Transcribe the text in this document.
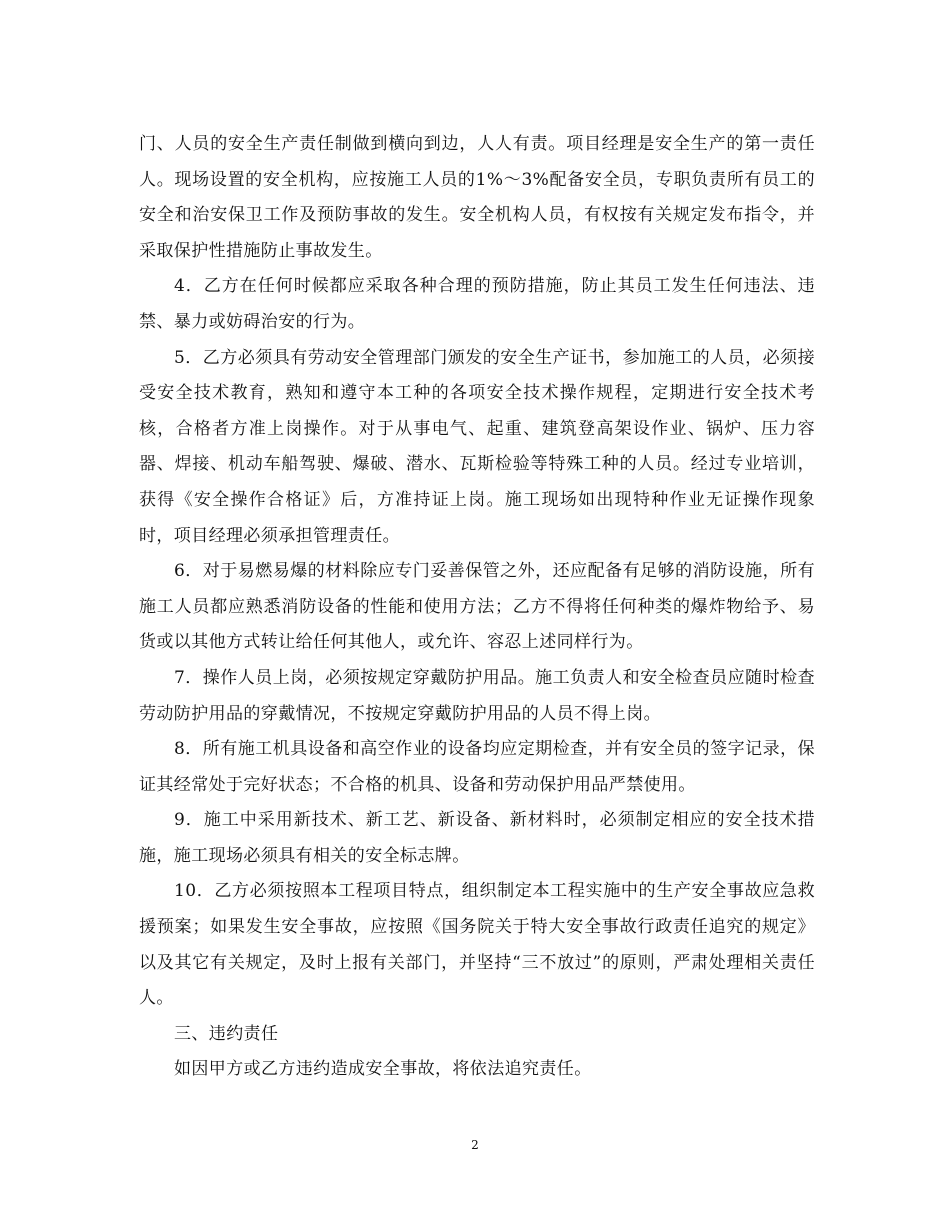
门、人员的安全生产责任制做到横向到边，人人有责。项目经理是安全生产的第一责任人。现场设置的安全机构，应按施工人员的1%～3%配备安全员，专职负责所有员工的安全和治安保卫工作及预防事故的发生。安全机构人员，有权按有关规定发布指令，并采取保护性措施防止事故发生。

4．乙方在任何时候都应采取各种合理的预防措施，防止其员工发生任何违法、违禁、暴力或妨碍治安的行为。

5．乙方必须具有劳动安全管理部门颁发的安全生产证书，参加施工的人员，必须接受安全技术教育，熟知和遵守本工种的各项安全技术操作规程，定期进行安全技术考核，合格者方准上岗操作。对于从事电气、起重、建筑登高架设作业、锅炉、压力容器、焊接、机动车船驾驶、爆破、潜水、瓦斯检验等特殊工种的人员。经过专业培训，获得《安全操作合格证》后，方准持证上岗。施工现场如出现特种作业无证操作现象时，项目经理必须承担管理责任。

6．对于易燃易爆的材料除应专门妥善保管之外，还应配备有足够的消防设施，所有施工人员都应熟悉消防设备的性能和使用方法；乙方不得将任何种类的爆炸物给予、易货或以其他方式转让给任何其他人，或允许、容忍上述同样行为。

7．操作人员上岗，必须按规定穿戴防护用品。施工负责人和安全检查员应随时检查劳动防护用品的穿戴情况，不按规定穿戴防护用品的人员不得上岗。

8．所有施工机具设备和高空作业的设备均应定期检查，并有安全员的签字记录，保证其经常处于完好状态；不合格的机具、设备和劳动保护用品严禁使用。

9．施工中采用新技术、新工艺、新设备、新材料时，必须制定相应的安全技术措施，施工现场必须具有相关的安全标志牌。

10．乙方必须按照本工程项目特点，组织制定本工程实施中的生产安全事故应急救援预案；如果发生安全事故，应按照《国务院关于特大安全事故行政责任追究的规定》以及其它有关规定，及时上报有关部门，并坚持“三不放过”的原则，严肃处理相关责任人。

三、违约责任

如因甲方或乙方违约造成安全事故，将依法追究责任。

2
